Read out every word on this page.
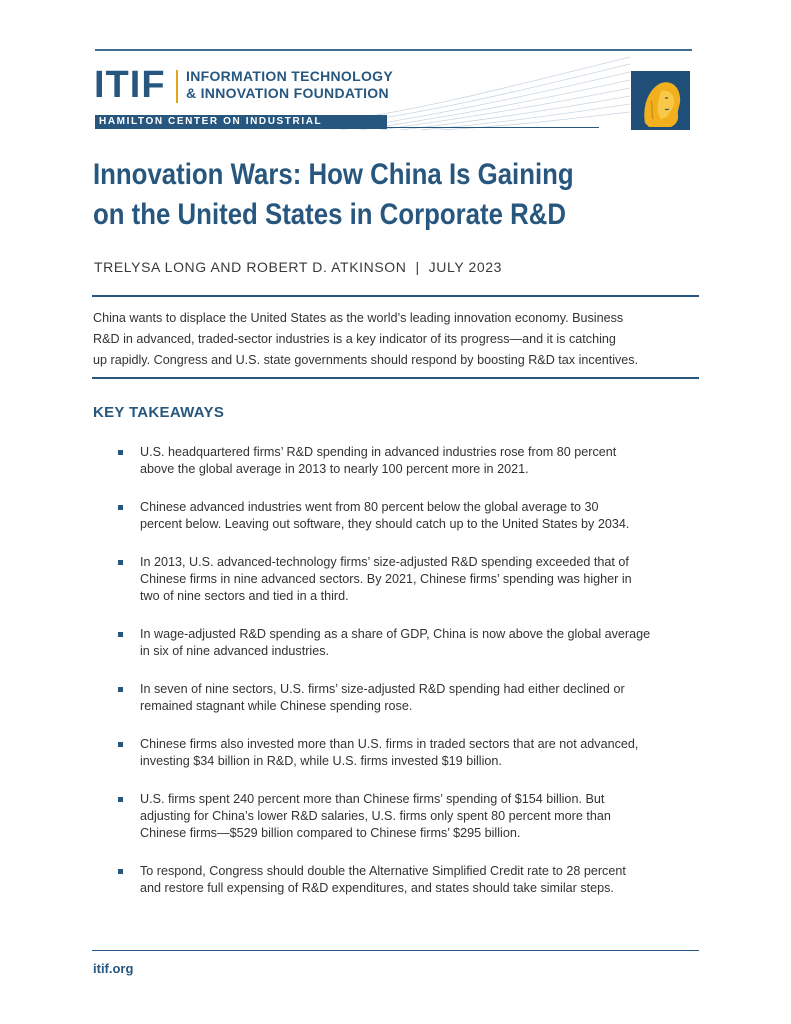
ITIF INFORMATION TECHNOLOGY
& INNOVATION FOUNDATION
HAMILTON CENTER ON INDUSTRIAL STRATEGY
Innovation Wars: How China Is Gaining
on the United States in Corporate R&D
TRELYSA LONG AND ROBERT D. ATKINSON  |  JULY 2023
China wants to displace the United States as the world’s leading innovation economy. Business
R&D in advanced, traded-sector industries is a key indicator of its progress—and it is catching
up rapidly. Congress and U.S. state governments should respond by boosting R&D tax incentives.
KEY TAKEAWAYS
U.S. headquartered firms’ R&D spending in advanced industries rose from 80 percent
above the global average in 2013 to nearly 100 percent more in 2021.
Chinese advanced industries went from 80 percent below the global average to 30
percent below. Leaving out software, they should catch up to the United States by 2034.
In 2013, U.S. advanced-technology firms’ size-adjusted R&D spending exceeded that of
Chinese firms in nine advanced sectors. By 2021, Chinese firms’ spending was higher in
two of nine sectors and tied in a third.
In wage-adjusted R&D spending as a share of GDP, China is now above the global average
in six of nine advanced industries.
In seven of nine sectors, U.S. firms’ size-adjusted R&D spending had either declined or
remained stagnant while Chinese spending rose.
Chinese firms also invested more than U.S. firms in traded sectors that are not advanced,
investing $34 billion in R&D, while U.S. firms invested $19 billion.
U.S. firms spent 240 percent more than Chinese firms’ spending of $154 billion. But
adjusting for China’s lower R&D salaries, U.S. firms only spent 80 percent more than
Chinese firms—$529 billion compared to Chinese firms’ $295 billion.
To respond, Congress should double the Alternative Simplified Credit rate to 28 percent
and restore full expensing of R&D expenditures, and states should take similar steps.
itif.org
